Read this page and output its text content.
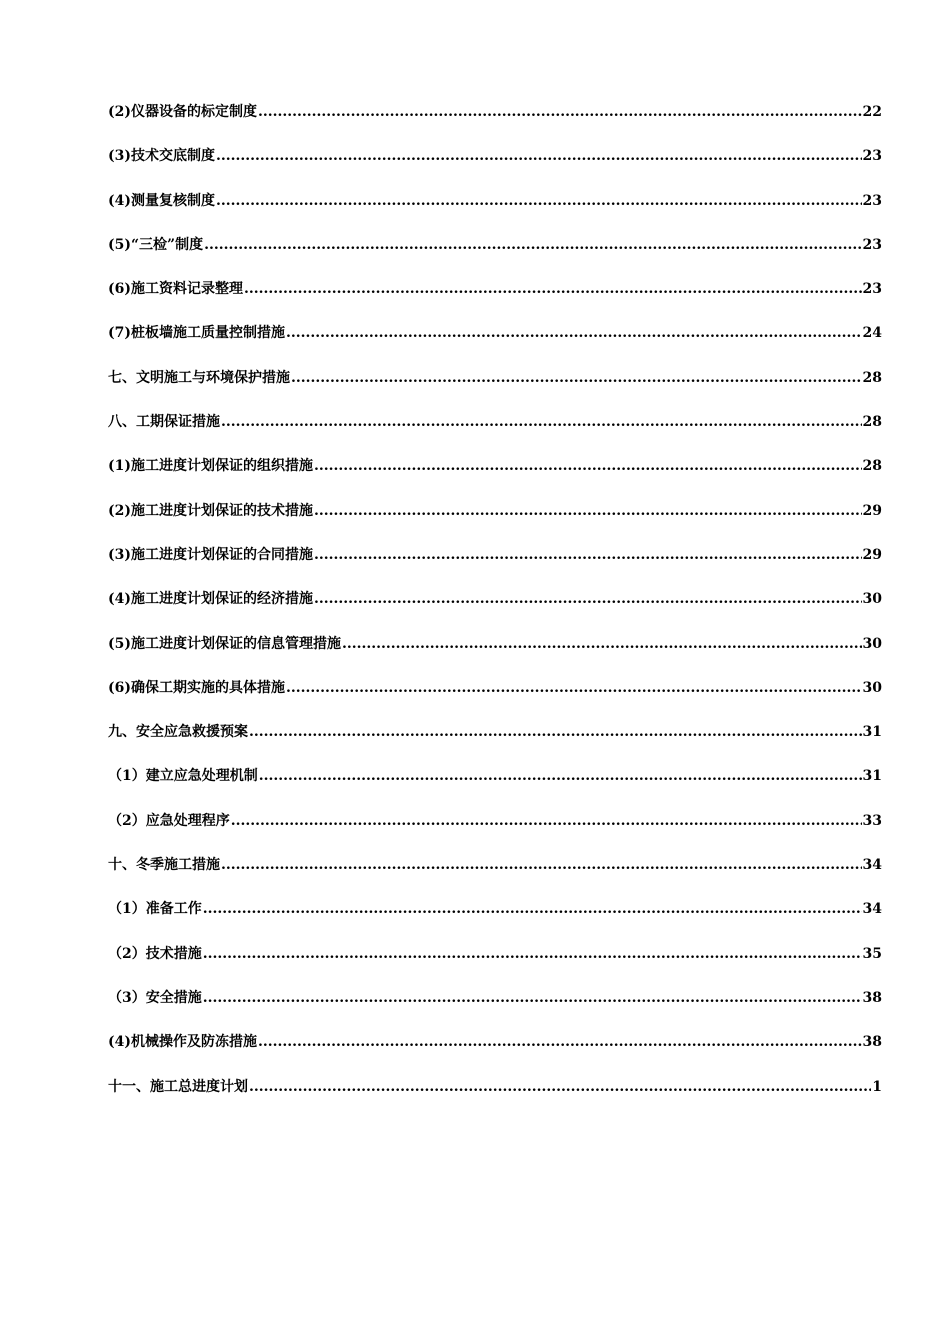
(2)仪器设备的标定制度 .....	22
(3)技术交底制度 .....	23
(4)测量复核制度 .....	23
(5)“三检”制度 .....	23
(6)施工资料记录整理 .....	23
(7)桩板墙施工质量控制措施 .....	24
七、文明施工与环境保护措施 .....	28
八、工期保证措施 .....	28
(1)施工进度计划保证的组织措施 .....	28
(2)施工进度计划保证的技术措施 .....	29
(3)施工进度计划保证的合同措施 .....	29
(4)施工进度计划保证的经济措施 .....	30
(5)施工进度计划保证的信息管理措施 .....	30
(6)确保工期实施的具体措施 .....	30
九、安全应急救援预案 .....	31
（1）建立应急处理机制 .....	31
（2）应急处理程序 .....	33
十、冬季施工措施 .....	34
（1）准备工作 .....	34
（2）技术措施 .....	35
（3）安全措施 .....	38
(4)机械操作及防冻措施 .....	38
十一、施工总进度计划 .....	1
